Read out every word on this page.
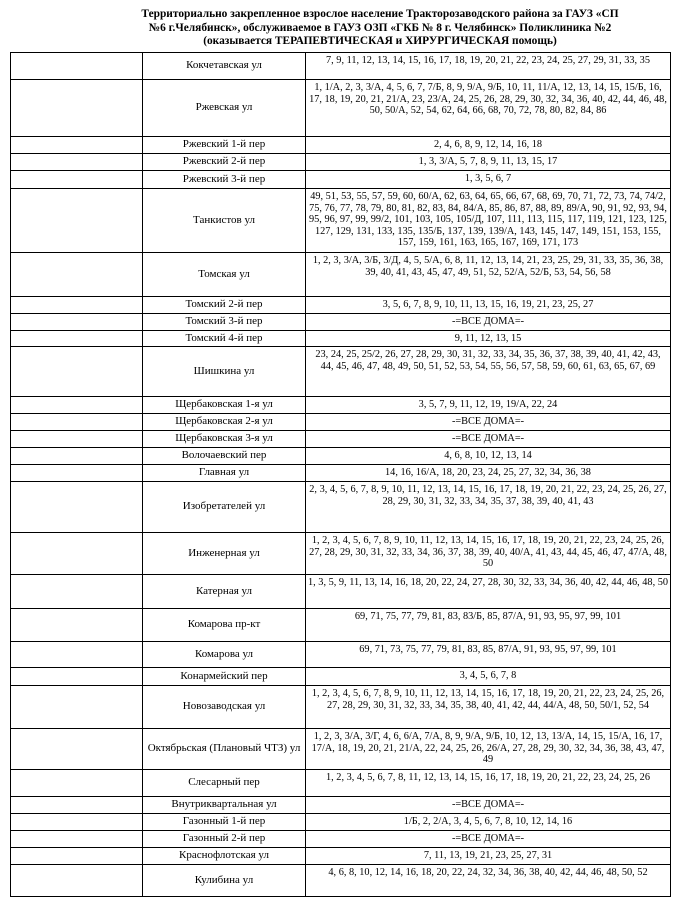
Территориально закрепленное взрослое население Тракторозаводского района за ГАУЗ «СП
№6 г.Челябинск», обслуживаемое в ГАУЗ ОЗП «ГКБ № 8 г. Челябинск» Поликлиника №2
(оказывается ТЕРАПЕВТИЧЕСКАЯ и ХИРУРГИЧЕСКАЯ помощь)
	Кокчетавская ул	7, 9, 11, 12, 13, 14, 15, 16, 17, 18, 19, 20, 21, 22, 23, 24, 25, 27, 29, 31, 33, 35
	Ржевская ул	1, 1/А, 2, 3, 3/А, 4, 5, 6, 7, 7/Б, 8, 9, 9/А, 9/Б, 10, 11, 11/А, 12, 13, 14, 15, 15/Б, 16, 17, 18, 19, 20, 21, 21/А, 23, 23/А, 24, 25, 26, 28, 29, 30, 32, 34, 36, 40, 42, 44, 46, 48, 50, 50/А, 52, 54, 62, 64, 66, 68, 70, 72, 78, 80, 82, 84, 86
	Ржевский 1-й пер	2, 4, 6, 8, 9, 12, 14, 16, 18
	Ржевский 2-й пер	1, 3, 3/А, 5, 7, 8, 9, 11, 13, 15, 17
	Ржевский 3-й пер	1, 3, 5, 6, 7
	Танкистов ул	49, 51, 53, 55, 57, 59, 60, 60/А, 62, 63, 64, 65, 66, 67, 68, 69, 70, 71, 72, 73, 74, 74/2, 75, 76, 77, 78, 79, 80, 81, 82, 83, 84, 84/А, 85, 86, 87, 88, 89, 89/А, 90, 91, 92, 93, 94, 95, 96, 97, 99, 99/2, 101, 103, 105, 105/Д, 107, 111, 113, 115, 117, 119, 121, 123, 125, 127, 129, 131, 133, 135, 135/Б, 137, 139, 139/А, 143, 145, 147, 149, 151, 153, 155, 157, 159, 161, 163, 165, 167, 169, 171, 173
	Томская ул	1, 2, 3, 3/А, 3/Б, 3/Д, 4, 5, 5/А, 6, 8, 11, 12, 13, 14, 21, 23, 25, 29, 31, 33, 35, 36, 38, 39, 40, 41, 43, 45, 47, 49, 51, 52, 52/А, 52/Б, 53, 54, 56, 58
	Томский 2-й пер	3, 5, 6, 7, 8, 9, 10, 11, 13, 15, 16, 19, 21, 23, 25, 27
	Томский 3-й пер	-=ВСЕ ДОМА=-
	Томский 4-й пер	9, 11, 12, 13, 15
	Шишкина ул	23, 24, 25, 25/2, 26, 27, 28, 29, 30, 31, 32, 33, 34, 35, 36, 37, 38, 39, 40, 41, 42, 43, 44, 45, 46, 47, 48, 49, 50, 51, 52, 53, 54, 55, 56, 57, 58, 59, 60, 61, 63, 65, 67, 69
	Щербаковская 1-я ул	3, 5, 7, 9, 11, 12, 19, 19/А, 22, 24
	Щербаковская 2-я ул	-=ВСЕ ДОМА=-
	Щербаковская 3-я ул	-=ВСЕ ДОМА=-
	Волочаевский пер	4, 6, 8, 10, 12, 13, 14
	Главная ул	14, 16, 16/А, 18, 20, 23, 24, 25, 27, 32, 34, 36, 38
	Изобретателей ул	2, 3, 4, 5, 6, 7, 8, 9, 10, 11, 12, 13, 14, 15, 16, 17, 18, 19, 20, 21, 22, 23, 24, 25, 26, 27, 28, 29, 30, 31, 32, 33, 34, 35, 37, 38, 39, 40, 41, 43
	Инженерная ул	1, 2, 3, 4, 5, 6, 7, 8, 9, 10, 11, 12, 13, 14, 15, 16, 17, 18, 19, 20, 21, 22, 23, 24, 25, 26, 27, 28, 29, 30, 31, 32, 33, 34, 36, 37, 38, 39, 40, 40/А, 41, 43, 44, 45, 46, 47, 47/А, 48, 50
	Катерная ул	1, 3, 5, 9, 11, 13, 14, 16, 18, 20, 22, 24, 27, 28, 30, 32, 33, 34, 36, 40, 42, 44, 46, 48, 50
	Комарова пр-кт	69, 71, 75, 77, 79, 81, 83, 83/Б, 85, 87/А, 91, 93, 95, 97, 99, 101
	Комарова ул	69, 71, 73, 75, 77, 79, 81, 83, 85, 87/А, 91, 93, 95, 97, 99, 101
	Конармейский пер	3, 4, 5, 6, 7, 8
	Новозаводская ул	1, 2, 3, 4, 5, 6, 7, 8, 9, 10, 11, 12, 13, 14, 15, 16, 17, 18, 19, 20, 21, 22, 23, 24, 25, 26, 27, 28, 29, 30, 31, 32, 33, 34, 35, 38, 40, 41, 42, 44, 44/А, 48, 50, 50/1, 52, 54
	Октябрьская (Плановый ЧТЗ) ул	1, 2, 3, 3/А, 3/Г, 4, 6, 6/А, 7/А, 8, 9, 9/А, 9/Б, 10, 12, 13, 13/А, 14, 15, 15/А, 16, 17, 17/А, 18, 19, 20, 21, 21/А, 22, 24, 25, 26, 26/А, 27, 28, 29, 30, 32, 34, 36, 38, 43, 47, 49
	Слесарный пер	1, 2, 3, 4, 5, 6, 7, 8, 11, 12, 13, 14, 15, 16, 17, 18, 19, 20, 21, 22, 23, 24, 25, 26
	Внутриквартальная ул	-=ВСЕ ДОМА=-
	Газонный 1-й пер	1/Б, 2, 2/А, 3, 4, 5, 6, 7, 8, 10, 12, 14, 16
	Газонный 2-й пер	-=ВСЕ ДОМА=-
	Краснофлотская ул	7, 11, 13, 19, 21, 23, 25, 27, 31
	Кулибина ул	4, 6, 8, 10, 12, 14, 16, 18, 20, 22, 24, 32, 34, 36, 38, 40, 42, 44, 46, 48, 50, 52
